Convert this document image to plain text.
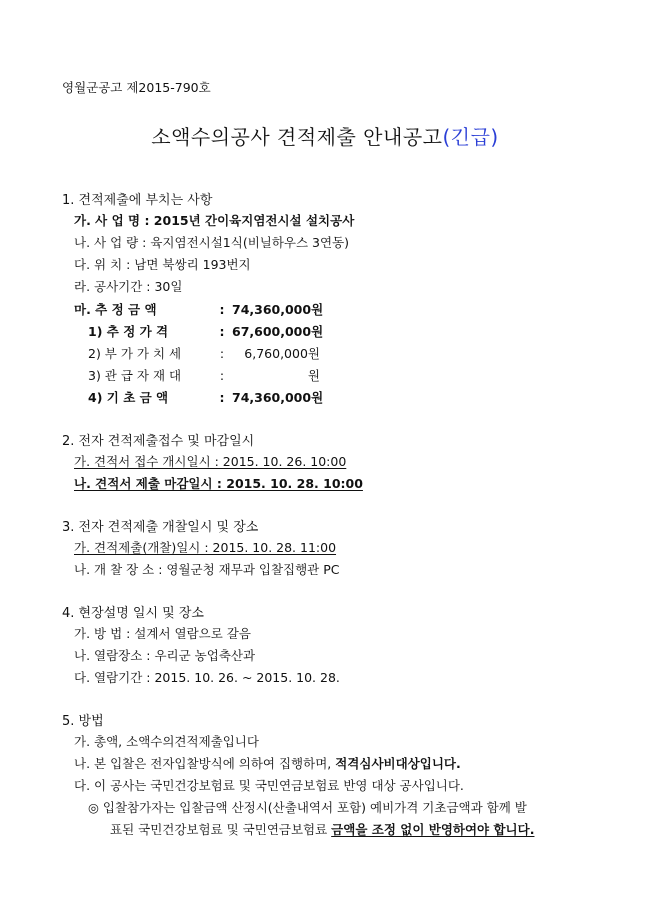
영월군공고 제2015-790호
소액수의공사 견적제출 안내공고(긴급)
1. 견적제출에 부치는 사항
가. 사 업 명 : 2015년 간이육지염전시설 설치공사
나. 사 업 량 : 육지염전시설1식(비닐하우스 3연동)
다. 위 치 : 남면 북쌍리 193번지
라. 공사기간 : 30일
마. 추 정 금 액	: 74,360,000원
1) 추 정 가 격	: 67,600,000원
2) 부 가 가 치 세	: 6,760,000원
3) 관 급 자 재 대	:	원
4) 기 초 금 액	: 74,360,000원
2. 전자 견적제출접수 및 마감일시
가. 견적서 접수 개시일시 : 2015. 10. 26. 10:00
나. 견적서 제출 마감일시 : 2015. 10. 28. 10:00
3. 전자 견적제출 개찰일시 및 장소
가. 견적제출(개찰)일시 : 2015. 10. 28. 11:00
나. 개 찰 장 소 : 영월군청 재무과 입찰집행관 PC
4. 현장설명 일시 및 장소
가. 방 법 : 설계서 열람으로 갈음
나. 열람장소 : 우리군 농업축산과
다. 열람기간 : 2015. 10. 26. ~ 2015. 10. 28.
5. 방법
가. 총액, 소액수의견적제출입니다
나. 본 입찰은 전자입찰방식에 의하여 집행하며, 적격심사비대상입니다.
다. 이 공사는 국민건강보험료 및 국민연금보험료 반영 대상 공사입니다.
◎ 입찰참가자는 입찰금액 산정시(산출내역서 포함) 예비가격 기초금액과 함께 발
표된 국민건강보험료 및 국민연금보험료 금액을 조정 없이 반영하여야 합니다.
